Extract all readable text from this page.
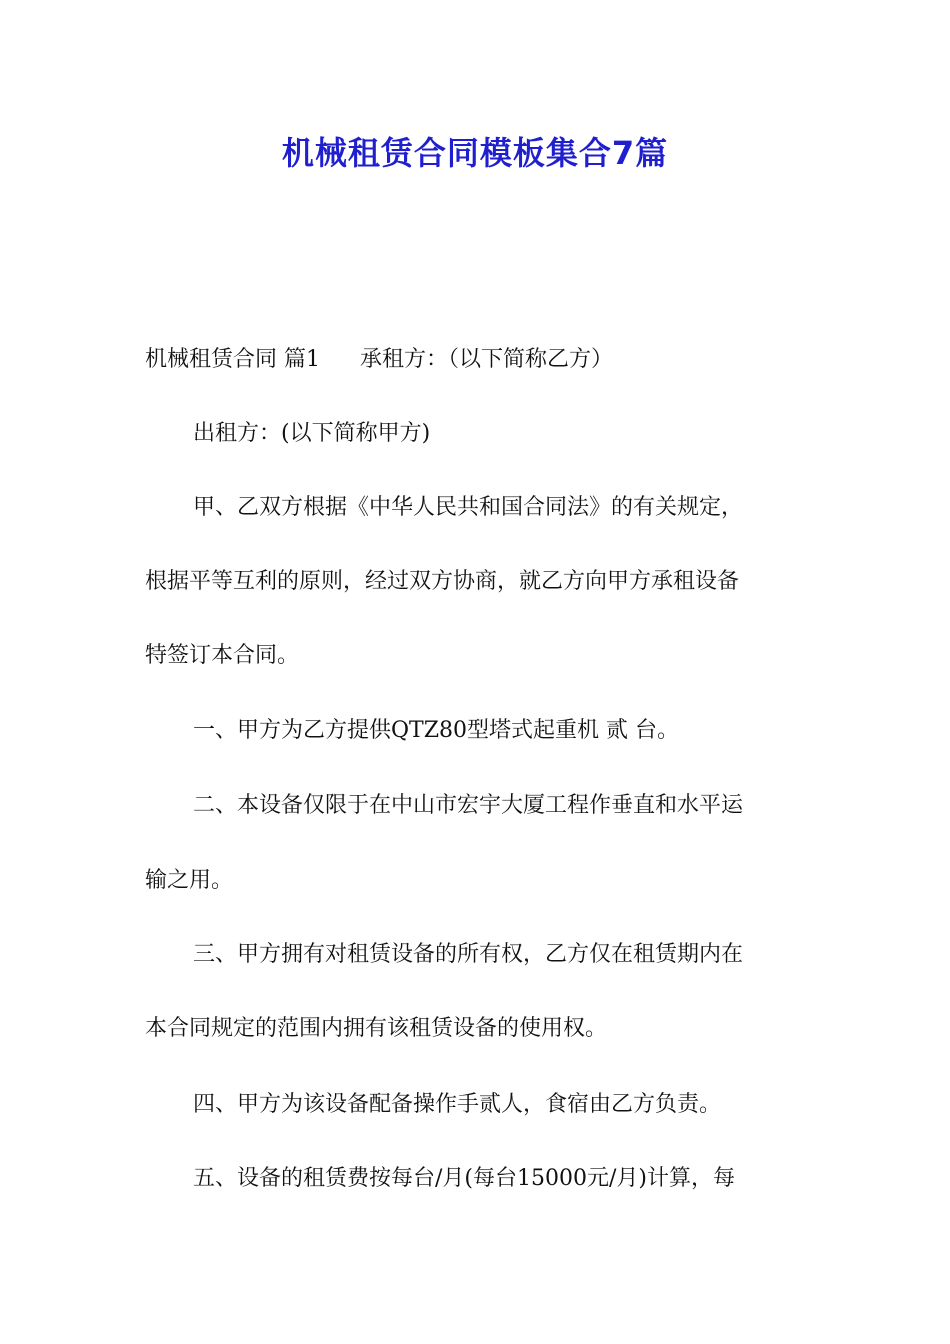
机械租赁合同模板集合7篇
机械租赁合同 篇1 承租方：（以下简称乙方）
出租方：(以下简称甲方)
甲、乙双方根据《中华人民共和国合同法》的有关规定，
根据平等互利的原则，经过双方协商，就乙方向甲方承租设备
特签订本合同。
一、甲方为乙方提供QTZ80型塔式起重机 贰 台。
二、本设备仅限于在中山市宏宇大厦工程作垂直和水平运
输之用。
三、甲方拥有对租赁设备的所有权，乙方仅在租赁期内在
本合同规定的范围内拥有该租赁设备的使用权。
四、甲方为该设备配备操作手贰人，食宿由乙方负责。
五、设备的租赁费按每台/月(每台15000元/月)计算，每
